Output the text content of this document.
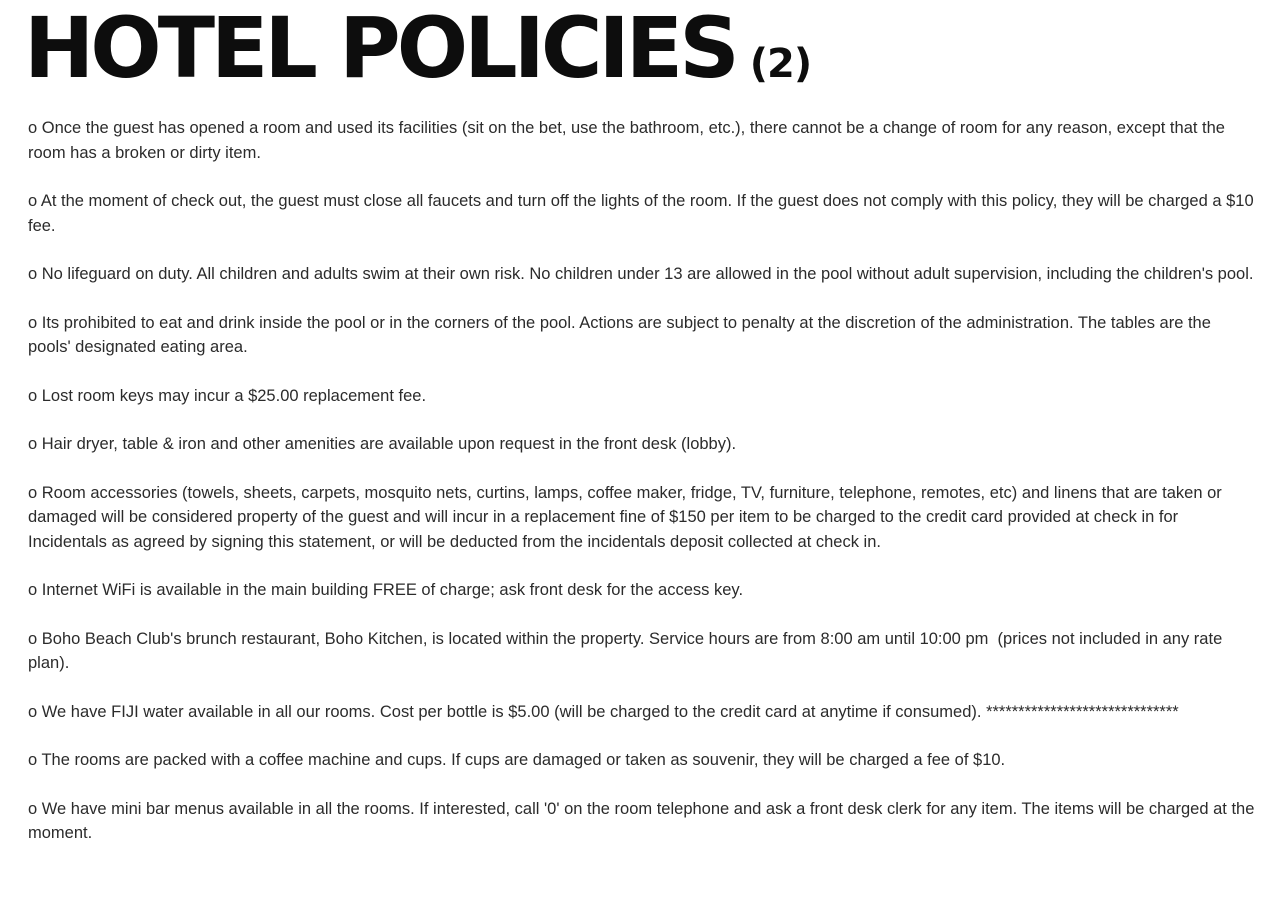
HOTEL POLICIES (2)

o Once the guest has opened a room and used its facilities (sit on the bet, use the bathroom, etc.), there cannot be a change of room for any reason, except that the room has a broken or dirty item.

o At the moment of check out, the guest must close all faucets and turn off the lights of the room. If the guest does not comply with this policy, they will be charged a $10 fee.

o No lifeguard on duty. All children and adults swim at their own risk. No children under 13 are allowed in the pool without adult supervision, including the children's pool.

o Its prohibited to eat and drink inside the pool or in the corners of the pool. Actions are subject to penalty at the discretion of the administration. The tables are the pools' designated eating area.

o Lost room keys may incur a $25.00 replacement fee.

o Hair dryer, table & iron and other amenities are available upon request in the front desk (lobby).

o Room accessories (towels, sheets, carpets, mosquito nets, curtins, lamps, coffee maker, fridge, TV, furniture, telephone, remotes, etc) and linens that are taken or damaged will be considered property of the guest and will incur in a replacement fine of $150 per item to be charged to the credit card provided at check in for Incidentals as agreed by signing this statement, or will be deducted from the incidentals deposit collected at check in.

o Internet WiFi is available in the main building FREE of charge; ask front desk for the access key.

o Boho Beach Club's brunch restaurant, Boho Kitchen, is located within the property. Service hours are from 8:00 am until 10:00 pm  (prices not included in any rate plan).

o We have FIJI water available in all our rooms. Cost per bottle is $5.00 (will be charged to the credit card at anytime if consumed). ******************************

o The rooms are packed with a coffee machine and cups. If cups are damaged or taken as souvenir, they will be charged a fee of $10.

o We have mini bar menus available in all the rooms. If interested, call '0' on the room telephone and ask a front desk clerk for any item. The items will be charged at the moment.
